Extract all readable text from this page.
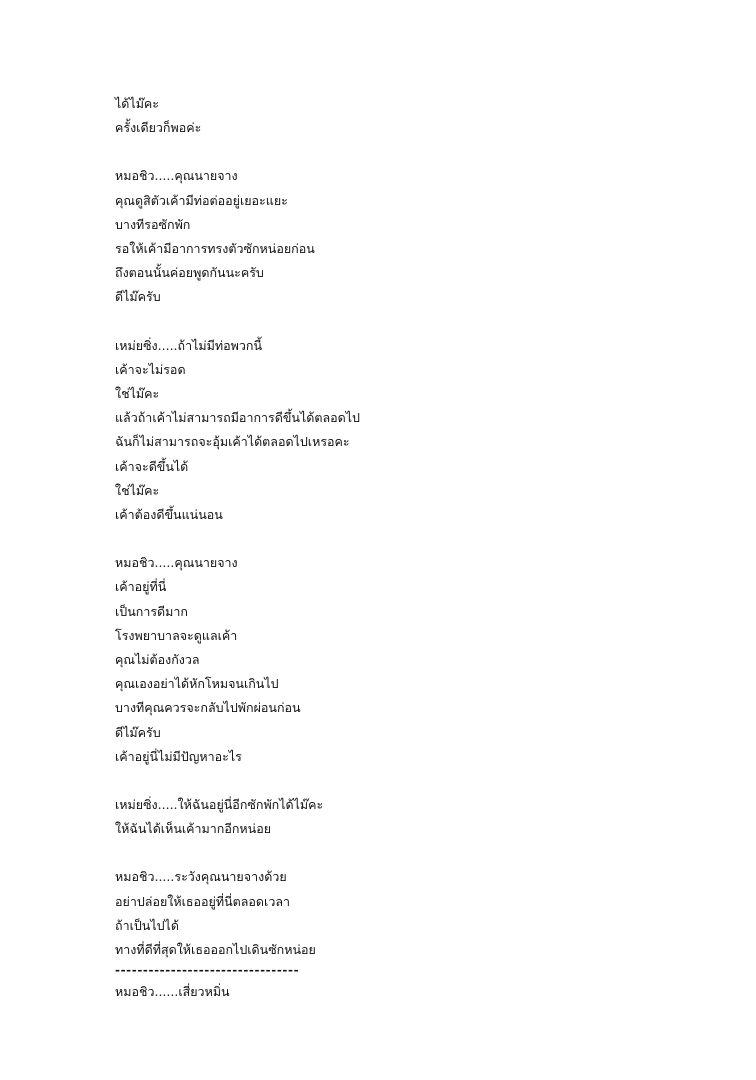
ได้ไม๊คะ
ครั้งเดียวก็พอค่ะ
หมอชิว.....คุณนายจาง
คุณดูสิตัวเค้ามีท่อต่ออยู่เยอะแยะ
บางทีรอซักพัก
รอให้เค้ามีอาการทรงตัวซักหน่อยก่อน
ถึงตอนนั้นค่อยพูดกันนะครับ
ดีไม๊ครับ
เหม่ยซิ่ง.....ถ้าไม่มีท่อพวกนี้
เค้าจะไม่รอด
ใช่ไม๊คะ
แล้วถ้าเค้าไม่สามารถมีอาการดีขึ้นได้ตลอดไป
ฉันก็ไม่สามารถจะอุ้มเค้าได้ตลอดไปเหรอคะ
เค้าจะดีขึ้นได้
ใช่ไม๊คะ
เค้าต้องดีขึ้นแน่นอน
หมอชิว.....คุณนายจาง
เค้าอยู่ที่นี่
เป็นการดีมาก
โรงพยาบาลจะดูแลเค้า
คุณไม่ต้องกังวล
คุณเองอย่าได้หักโหมจนเกินไป
บางทีคุณควรจะกลับไปพักผ่อนก่อน
ดีไม๊ครับ
เค้าอยู่นี่ไม่มีปัญหาอะไร
เหม่ยซิ่ง.....ให้ฉันอยู่นี่อีกซักพักได้ไม๊คะ
ให้ฉันได้เห็นเค้ามากอีกหน่อย
หมอชิว.....ระวังคุณนายจางด้วย
อย่าปล่อยให้เธออยู่ที่นี่ตลอดเวลา
ถ้าเป็นไปได้
ทางที่ดีที่สุดให้เธอออกไปเดินซักหน่อย
---------------------------------
หมอชิว......เสี่ยวหมิ่น
